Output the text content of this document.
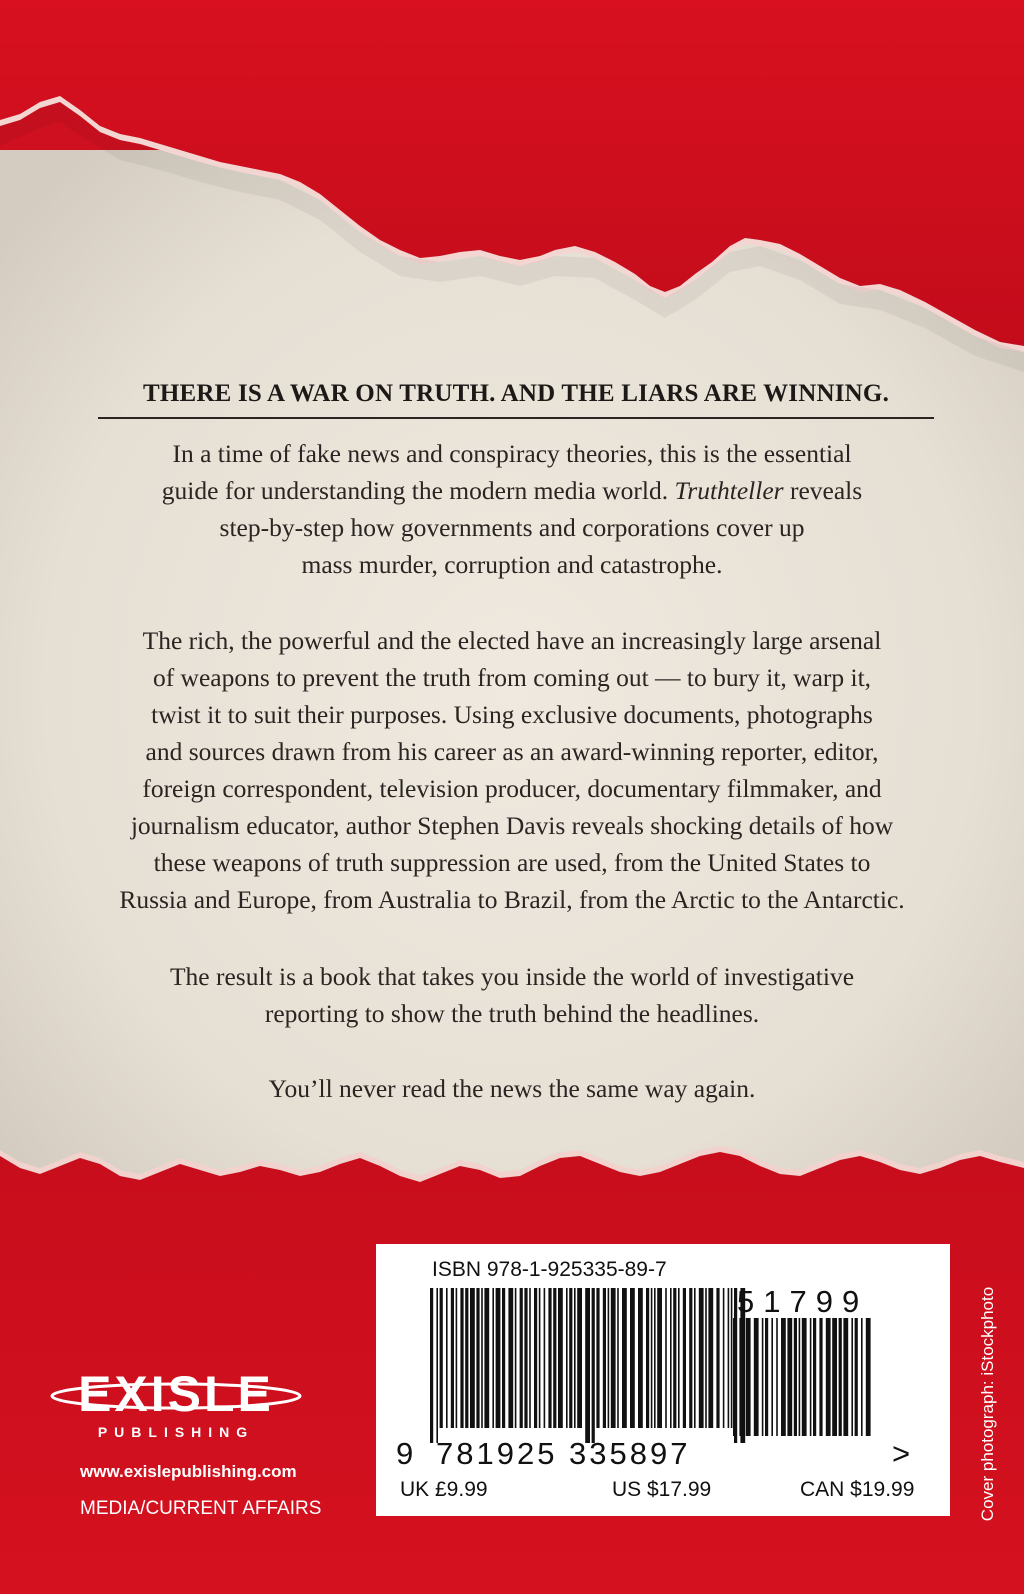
THERE IS A WAR ON TRUTH. AND THE LIARS ARE WINNING.

In a time of fake news and conspiracy theories, this is the essential
guide for understanding the modern media world. Truthteller reveals
step-by-step how governments and corporations cover up
mass murder, corruption and catastrophe.

The rich, the powerful and the elected have an increasingly large arsenal
of weapons to prevent the truth from coming out — to bury it, warp it,
twist it to suit their purposes. Using exclusive documents, photographs
and sources drawn from his career as an award-winning reporter, editor,
foreign correspondent, television producer, documentary filmmaker, and
journalism educator, author Stephen Davis reveals shocking details of how
these weapons of truth suppression are used, from the United States to
Russia and Europe, from Australia to Brazil, from the Arctic to the Antarctic.

The result is a book that takes you inside the world of investigative
reporting to show the truth behind the headlines.

You’ll never read the news the same way again.

ISBN 978-1-925335-89-7
51799
9 781925 335897	>
UK £9.99	US $17.99	CAN $19.99
EXISLE
PUBLISHING
www.exislepublishing.com
MEDIA/CURRENT AFFAIRS	Cover photograph: iStockphoto
